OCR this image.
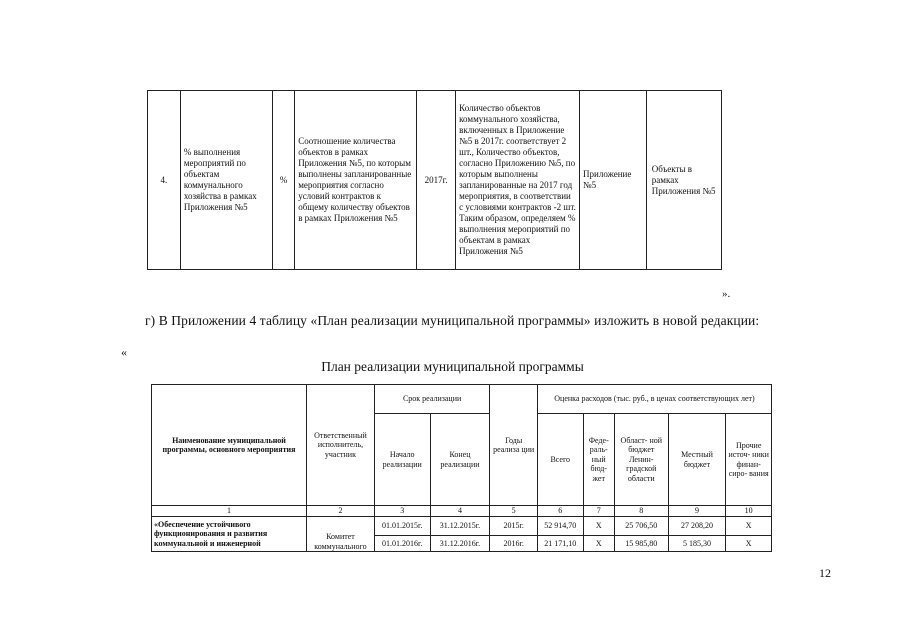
4.	% выполнения мероприятий по объектам коммунального хозяйства в рамках Приложения №5	%	Соотношение количества объектов в рамках Приложения №5, по которым выполнены запланированные мероприятия согласно условий контрактов к общему количеству объектов в рамках Приложения №5	2017г.	Количество объектов коммунального хозяйства, включенных в Приложение №5 в 2017г. соответствует 2 шт., Количество объектов, согласно Приложению №5, по которым выполнены запланированные на 2017 год мероприятия, в соответствии с условиями контрактов -2 шт. Таким образом, определяем % выполнения мероприятий по объектам в рамках Приложения №5	Приложение №5	Объекты в рамках Приложения №5
».
г) В Приложении 4 таблицу «План реализации муниципальной программы» изложить в новой редакции:
«
План реализации муниципальной программы
Наименование муниципальной программы, основного мероприятия	Ответственный исполнитель, участник	Срок реализации		Годы реализа ции	Оценка расходов (тыс. руб., в ценах соответствующих лет)				
		Начало реализации	Конец реализации		Всего	Феде- раль- ный бюд- жет	Област- ной бюджет Ленин- градской области	Местный бюджет	Прочие источ- ники финан- сиро- вания
1	2	3	4	5	6	7	8	9	10
«Обеспечение устойчивого функционирования и развития коммунальной и инженерной	Комитет коммунального	01.01.2015г.	31.12.2015г.	2015г.	52 914,70	Х	25 706,50	27 208,20	Х
		01.01.2016г.	31.12.2016г.	2016г.	21 171,10	Х	15 985,80	5 185,30	Х
12
